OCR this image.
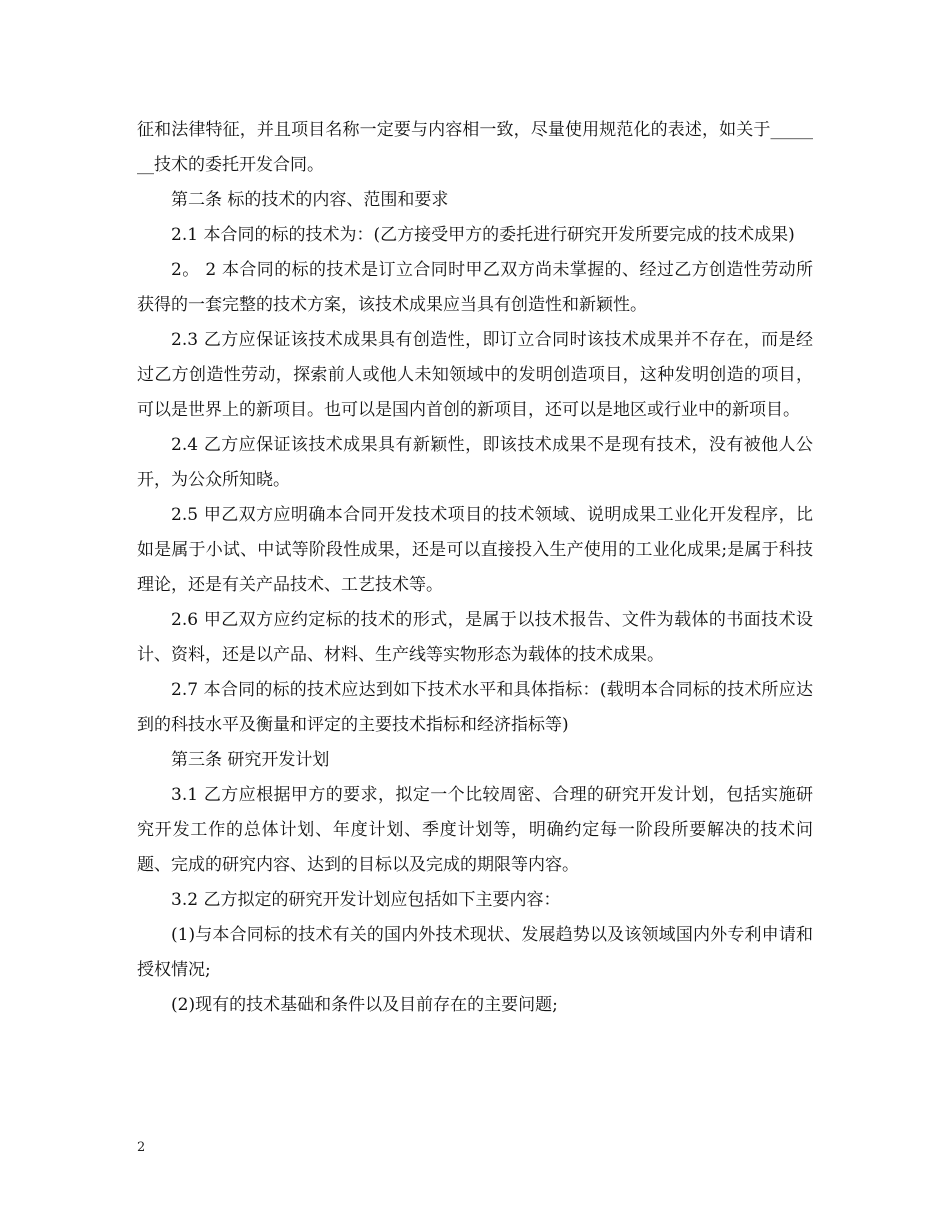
征和法律特征，并且项目名称一定要与内容相一致，尽量使用规范化的表述，如关于_______技术的委托开发合同。

第二条 标的技术的内容、范围和要求

2.1 本合同的标的技术为：(乙方接受甲方的委托进行研究开发所要完成的技术成果)

2。 2 本合同的标的技术是订立合同时甲乙双方尚未掌握的、经过乙方创造性劳动所获得的一套完整的技术方案，该技术成果应当具有创造性和新颖性。

2.3 乙方应保证该技术成果具有创造性，即订立合同时该技术成果并不存在，而是经过乙方创造性劳动，探索前人或他人未知领域中的发明创造项目，这种发明创造的项目，可以是世界上的新项目。也可以是国内首创的新项目，还可以是地区或行业中的新项目。

2.4 乙方应保证该技术成果具有新颖性，即该技术成果不是现有技术，没有被他人公开，为公众所知晓。

2.5 甲乙双方应明确本合同开发技术项目的技术领域、说明成果工业化开发程序，比如是属于小试、中试等阶段性成果，还是可以直接投入生产使用的工业化成果;是属于科技理论，还是有关产品技术、工艺技术等。

2.6 甲乙双方应约定标的技术的形式，是属于以技术报告、文件为载体的书面技术设计、资料，还是以产品、材料、生产线等实物形态为载体的技术成果。

2.7 本合同的标的技术应达到如下技术水平和具体指标：(载明本合同标的技术所应达到的科技水平及衡量和评定的主要技术指标和经济指标等)

第三条 研究开发计划

3.1 乙方应根据甲方的要求，拟定一个比较周密、合理的研究开发计划，包括实施研究开发工作的总体计划、年度计划、季度计划等，明确约定每一阶段所要解决的技术问题、完成的研究内容、达到的目标以及完成的期限等内容。

3.2 乙方拟定的研究开发计划应包括如下主要内容：

(1)与本合同标的技术有关的国内外技术现状、发展趋势以及该领域国内外专利申请和授权情况;

(2)现有的技术基础和条件以及目前存在的主要问题;

2
